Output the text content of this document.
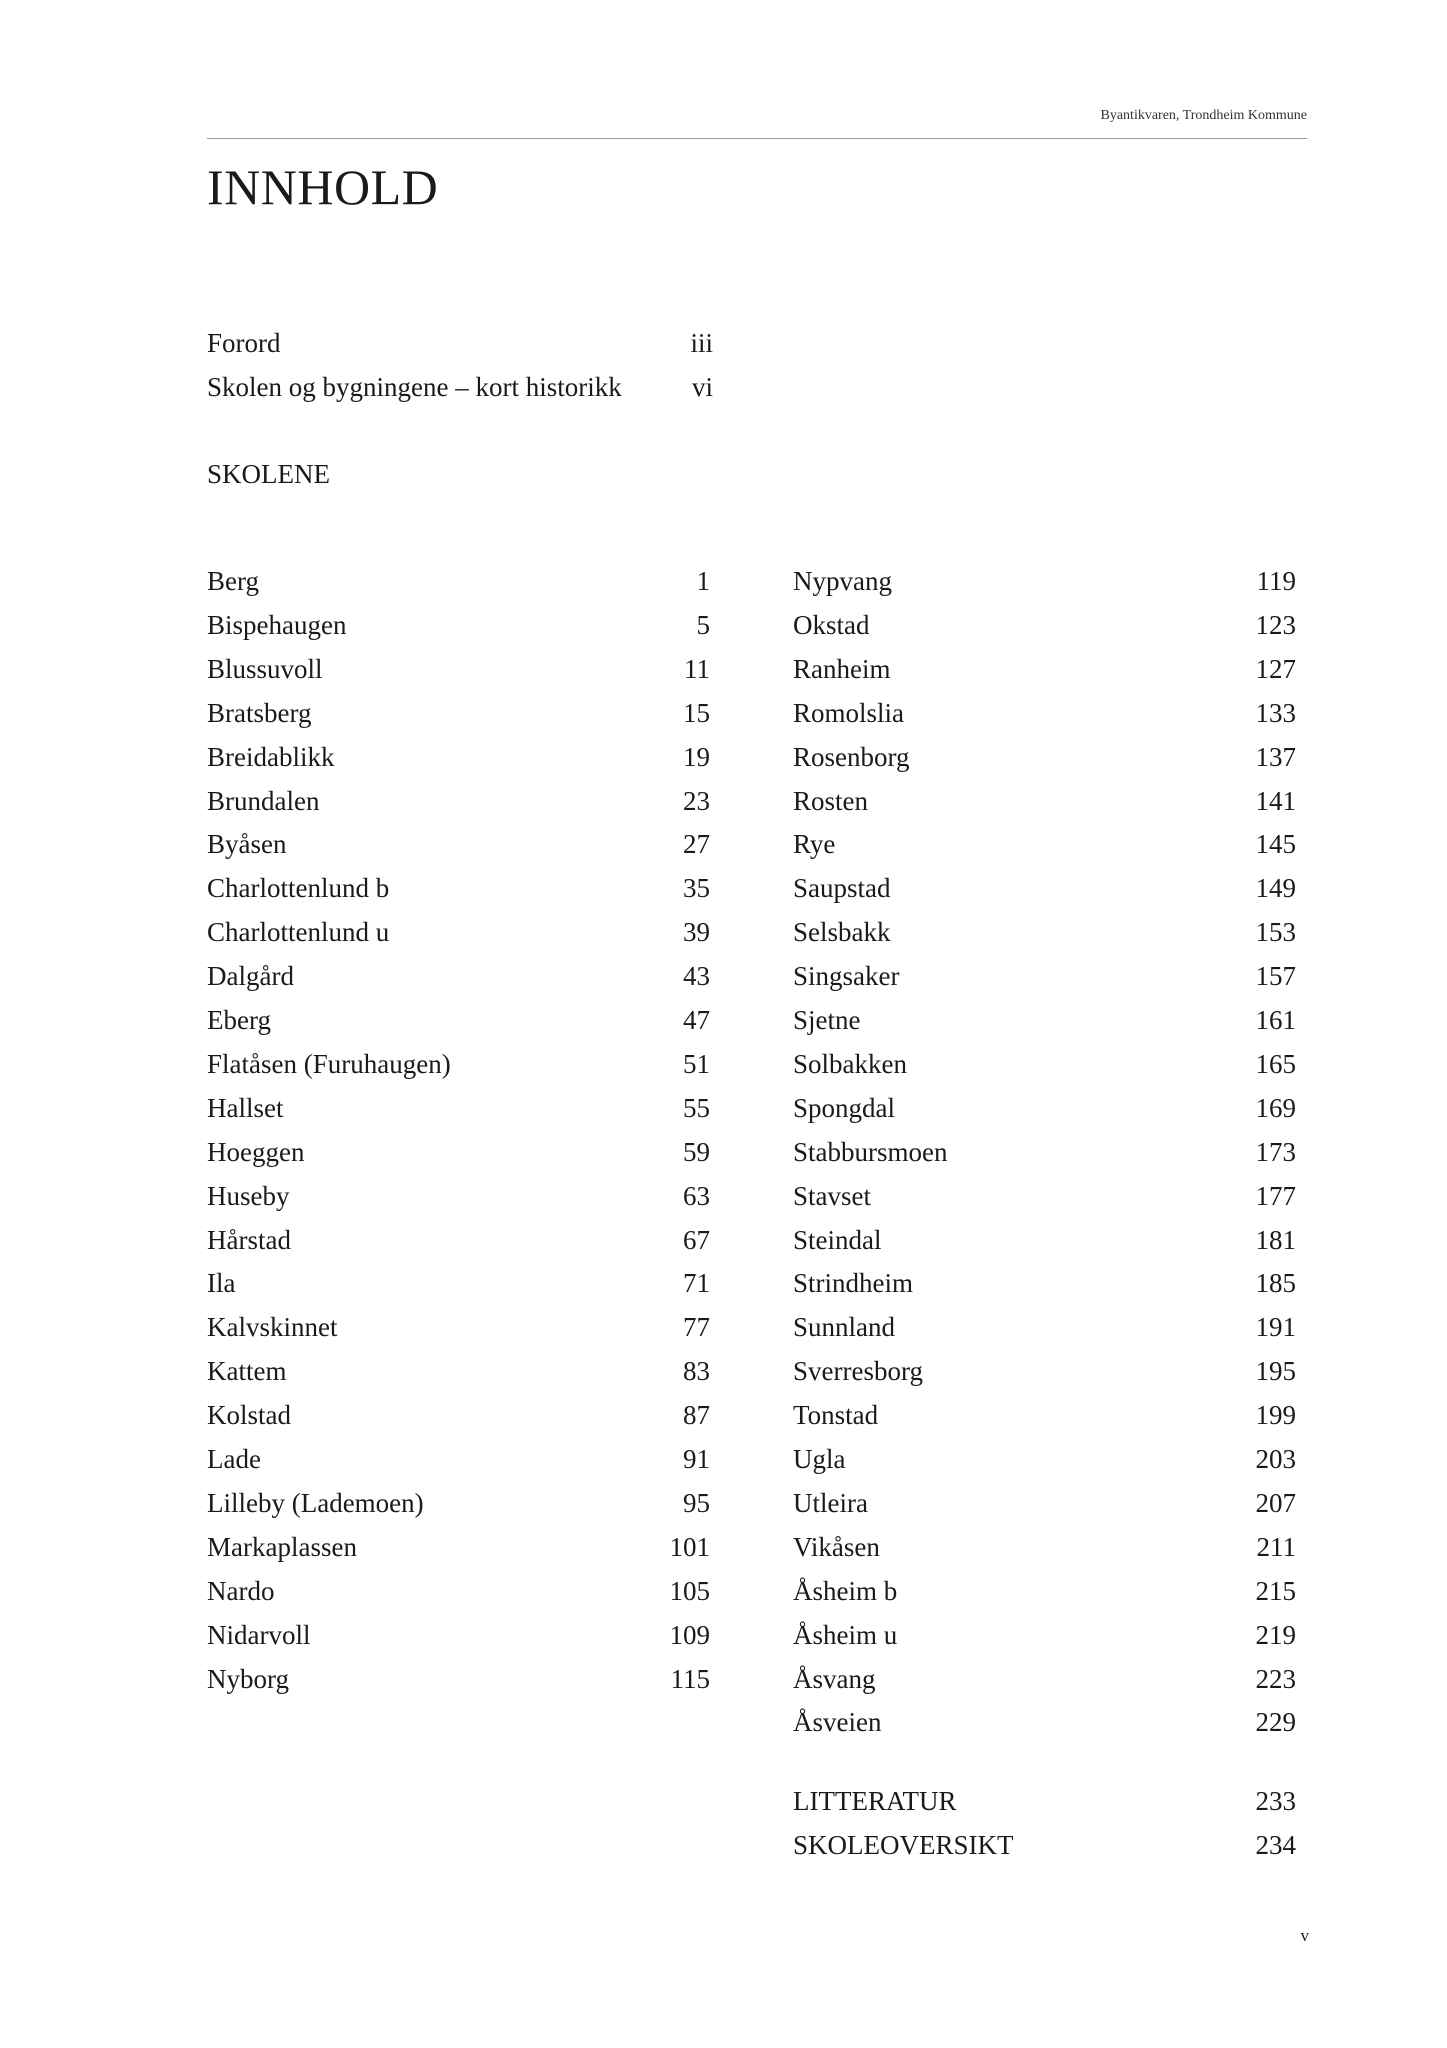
Byantikvaren, Trondheim Kommune
INNHOLD
Forord	iii
Skolen og bygningene – kort historikk	vi
SKOLENE
Berg	1
Bispehaugen	5
Blussuvoll	11
Bratsberg	15
Breidablikk	19
Brundalen	23
Byåsen	27
Charlottenlund b	35
Charlottenlund u	39
Dalgård	43
Eberg	47
Flatåsen (Furuhaugen)	51
Hallset	55
Hoeggen	59
Huseby	63
Hårstad	67
Ila	71
Kalvskinnet	77
Kattem	83
Kolstad	87
Lade	91
Lilleby (Lademoen)	95
Markaplassen	101
Nardo	105
Nidarvoll	109
Nyborg	115
Nypvang	119
Okstad	123
Ranheim	127
Romolslia	133
Rosenborg	137
Rosten	141
Rye	145
Saupstad	149
Selsbakk	153
Singsaker	157
Sjetne	161
Solbakken	165
Spongdal	169
Stabbursmoen	173
Stavset	177
Steindal	181
Strindheim	185
Sunnland	191
Sverresborg	195
Tonstad	199
Ugla	203
Utleira	207
Vikåsen	211
Åsheim b	215
Åsheim u	219
Åsvang	223
Åsveien	229
LITTERATUR	233
SKOLEOVERSIKT	234
v
